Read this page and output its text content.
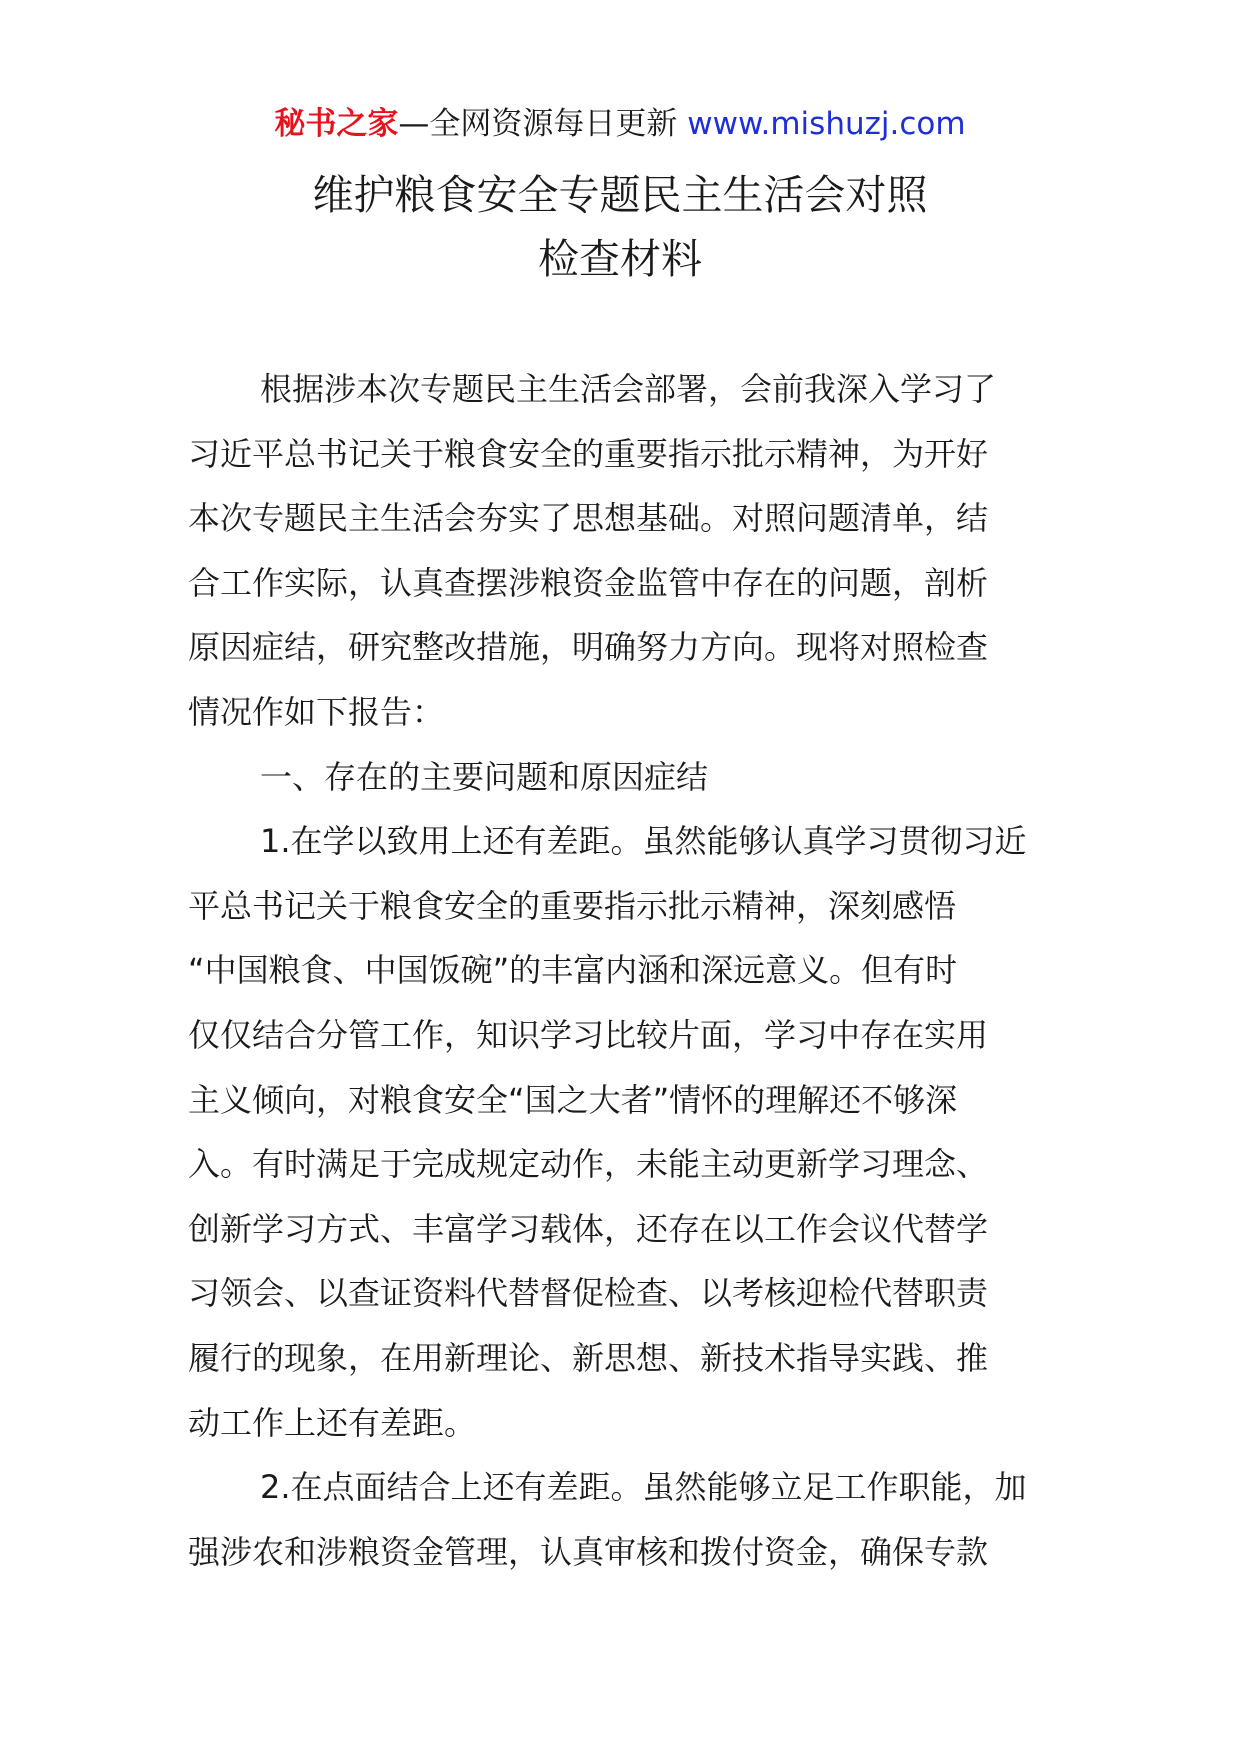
秘书之家—全网资源每日更新 www.mishuzj.com
维护粮食安全专题民主生活会对照
检查材料
根据涉本次专题民主生活会部署，会前我深入学习了
习近平总书记关于粮食安全的重要指示批示精神，为开好
本次专题民主生活会夯实了思想基础。对照问题清单，结
合工作实际，认真查摆涉粮资金监管中存在的问题，剖析
原因症结，研究整改措施，明确努力方向。现将对照检查
情况作如下报告：
一、存在的主要问题和原因症结
1.在学以致用上还有差距。虽然能够认真学习贯彻习近
平总书记关于粮食安全的重要指示批示精神，深刻感悟
“中国粮食、中国饭碗”的丰富内涵和深远意义。但有时
仅仅结合分管工作，知识学习比较片面，学习中存在实用
主义倾向，对粮食安全“国之大者”情怀的理解还不够深
入。有时满足于完成规定动作，未能主动更新学习理念、
创新学习方式、丰富学习载体，还存在以工作会议代替学
习领会、以查证资料代替督促检查、以考核迎检代替职责
履行的现象，在用新理论、新思想、新技术指导实践、推
动工作上还有差距。
2.在点面结合上还有差距。虽然能够立足工作职能，加
强涉农和涉粮资金管理，认真审核和拨付资金，确保专款
